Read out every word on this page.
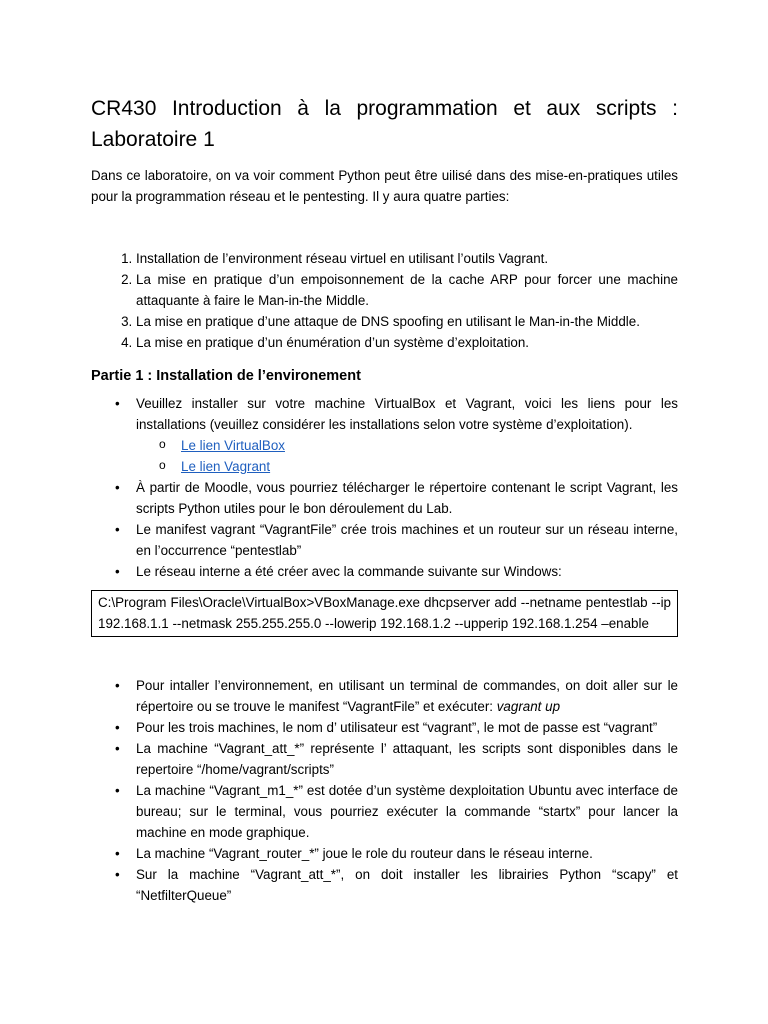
CR430 Introduction à la programmation et aux scripts : Laboratoire 1

Dans ce laboratoire, on va voir comment Python peut être uilisé dans des mise-en-pratiques utiles pour la programmation réseau et le pentesting. Il y aura quatre parties:

1. Installation de l’environment réseau virtuel en utilisant l’outils Vagrant.
2. La mise en pratique d’un empoisonnement de la cache ARP pour forcer une machine attaquante à faire le Man-in-the Middle.
3. La mise en pratique d’une attaque de DNS spoofing en utilisant le Man-in-the Middle.
4. La mise en pratique d’un énumération d’un système d’exploitation.
Partie 1 : Installation de l’environement
• Veuillez installer sur votre machine VirtualBox et Vagrant, voici les liens pour les installations (veuillez considérer les installations selon votre système d’exploitation).
o Le lien VirtualBox
o Le lien Vagrant
• À partir de Moodle, vous pourriez télécharger le répertoire contenant le script Vagrant, les scripts Python utiles pour le bon déroulement du Lab.
• Le manifest vagrant “VagrantFile” crée trois machines et un routeur sur un réseau interne, en l’occurrence “pentestlab”
• Le réseau interne a été créer avec la commande suivante sur Windows:
C:\Program Files\Oracle\VirtualBox>VBoxManage.exe dhcpserver add --netname pentestlab --ip 192.168.1.1 --netmask 255.255.255.0 --lowerip 192.168.1.2 --upperip 192.168.1.254 –enable
• Pour intaller l’environnement, en utilisant un terminal de commandes, on doit aller sur le répertoire ou se trouve le manifest “VagrantFile” et exécuter: vagrant up
• Pour les trois machines, le nom d’ utilisateur est “vagrant”, le mot de passe est “vagrant”
• La machine “Vagrant_att_*” représente l’ attaquant, les scripts sont disponibles dans le repertoire “/home/vagrant/scripts”
• La machine “Vagrant_m1_*” est dotée d’un système dexploitation Ubuntu avec interface de bureau; sur le terminal, vous pourriez exécuter la commande “startx” pour lancer la machine en mode graphique.
• La machine “Vagrant_router_*” joue le role du routeur dans le réseau interne.
• Sur la machine “Vagrant_att_*”, on doit installer les librairies Python “scapy” et “NetfilterQueue”
